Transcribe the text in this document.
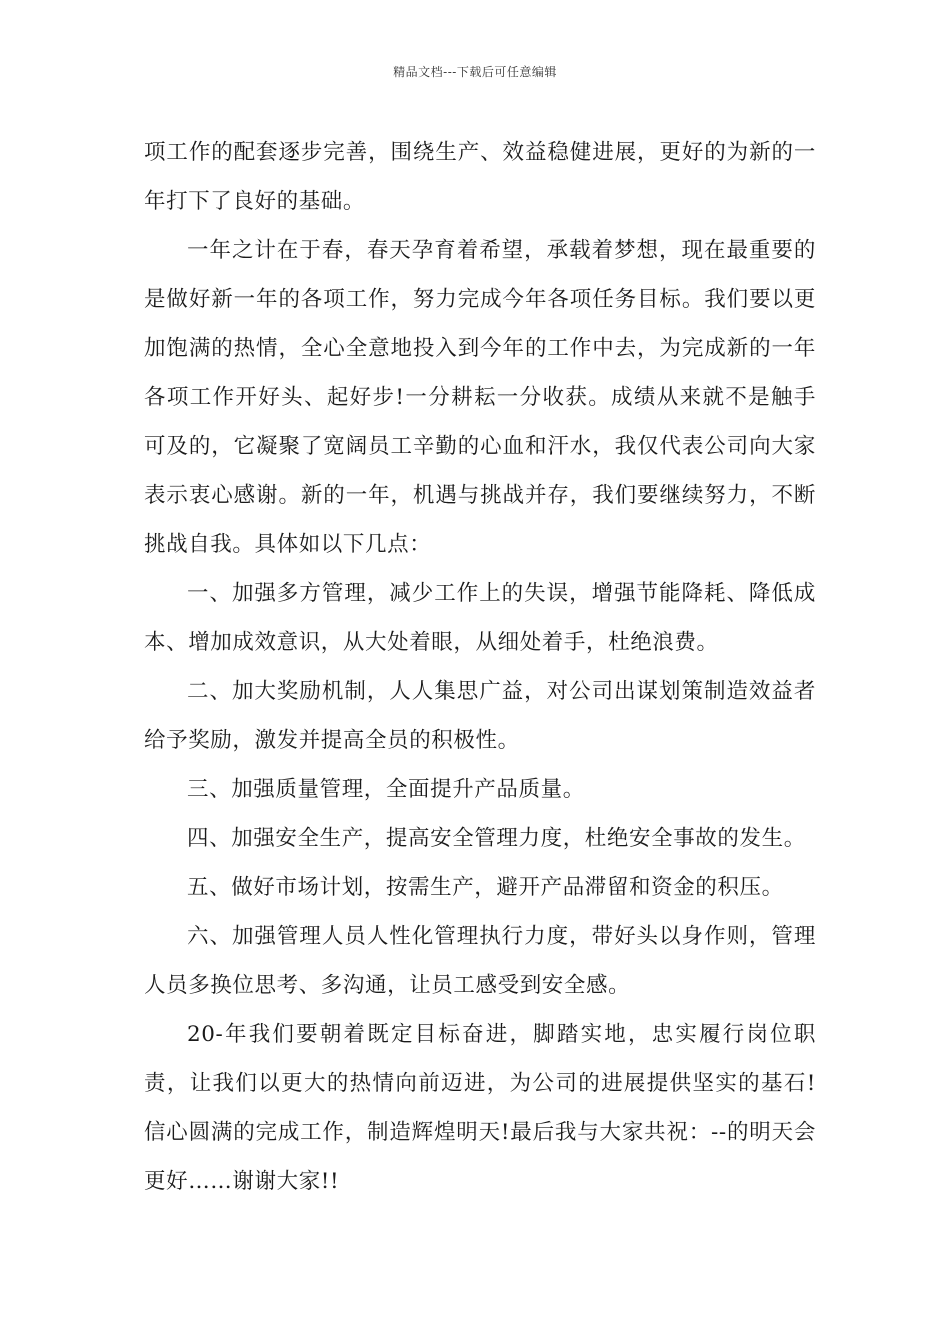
精品文档---下载后可任意编辑

项工作的配套逐步完善，围绕生产、效益稳健进展，更好的为新的一年打下了良好的基础。

一年之计在于春，春天孕育着希望，承载着梦想，现在最重要的是做好新一年的各项工作，努力完成今年各项任务目标。我们要以更加饱满的热情，全心全意地投入到今年的工作中去，为完成新的一年各项工作开好头、起好步!一分耕耘一分收获。成绩从来就不是触手可及的，它凝聚了宽阔员工辛勤的心血和汗水，我仅代表公司向大家表示衷心感谢。新的一年，机遇与挑战并存，我们要继续努力，不断挑战自我。具体如以下几点：

一、加强多方管理，减少工作上的失误，增强节能降耗、降低成本、增加成效意识，从大处着眼，从细处着手，杜绝浪费。

二、加大奖励机制，人人集思广益，对公司出谋划策制造效益者给予奖励，激发并提高全员的积极性。

三、加强质量管理，全面提升产品质量。

四、加强安全生产，提高安全管理力度，杜绝安全事故的发生。

五、做好市场计划，按需生产，避开产品滞留和资金的积压。

六、加强管理人员人性化管理执行力度，带好头以身作则，管理人员多换位思考、多沟通，让员工感受到安全感。

20-年我们要朝着既定目标奋进，脚踏实地，忠实履行岗位职责，让我们以更大的热情向前迈进，为公司的进展提供坚实的基石!信心圆满的完成工作，制造辉煌明天!最后我与大家共祝：--的明天会更好……谢谢大家!!
